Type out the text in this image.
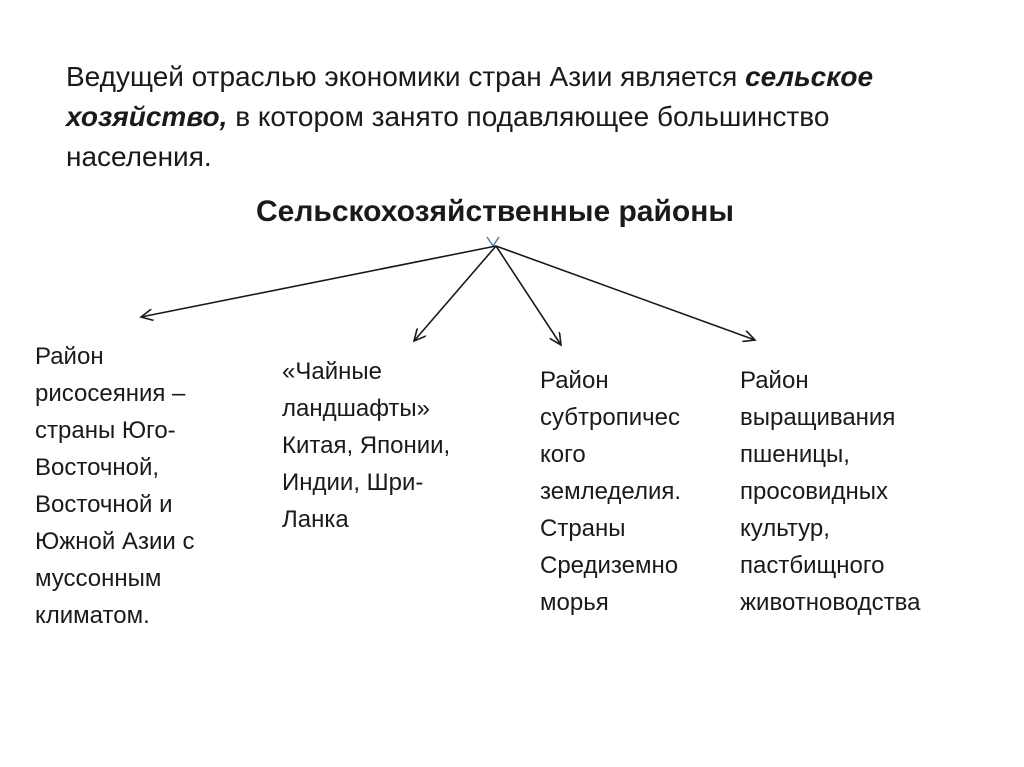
Ведущей отраслью экономики стран Азии является сельское хозяйство, в котором занято подавляющее большинство населения.

Сельскохозяйственные районы

Район
рисосеяния –
страны Юго-
Восточной,
Восточной и
Южной Азии с
муссонным
климатом.

«Чайные
ландшафты»
Китая, Японии,
Индии, Шри-
Ланка

Район
субтропичес
кого
земледелия.
Страны
Средиземно
морья

Район
выращивания
пшеницы,
просовидных
культур,
пастбищного
животноводства
